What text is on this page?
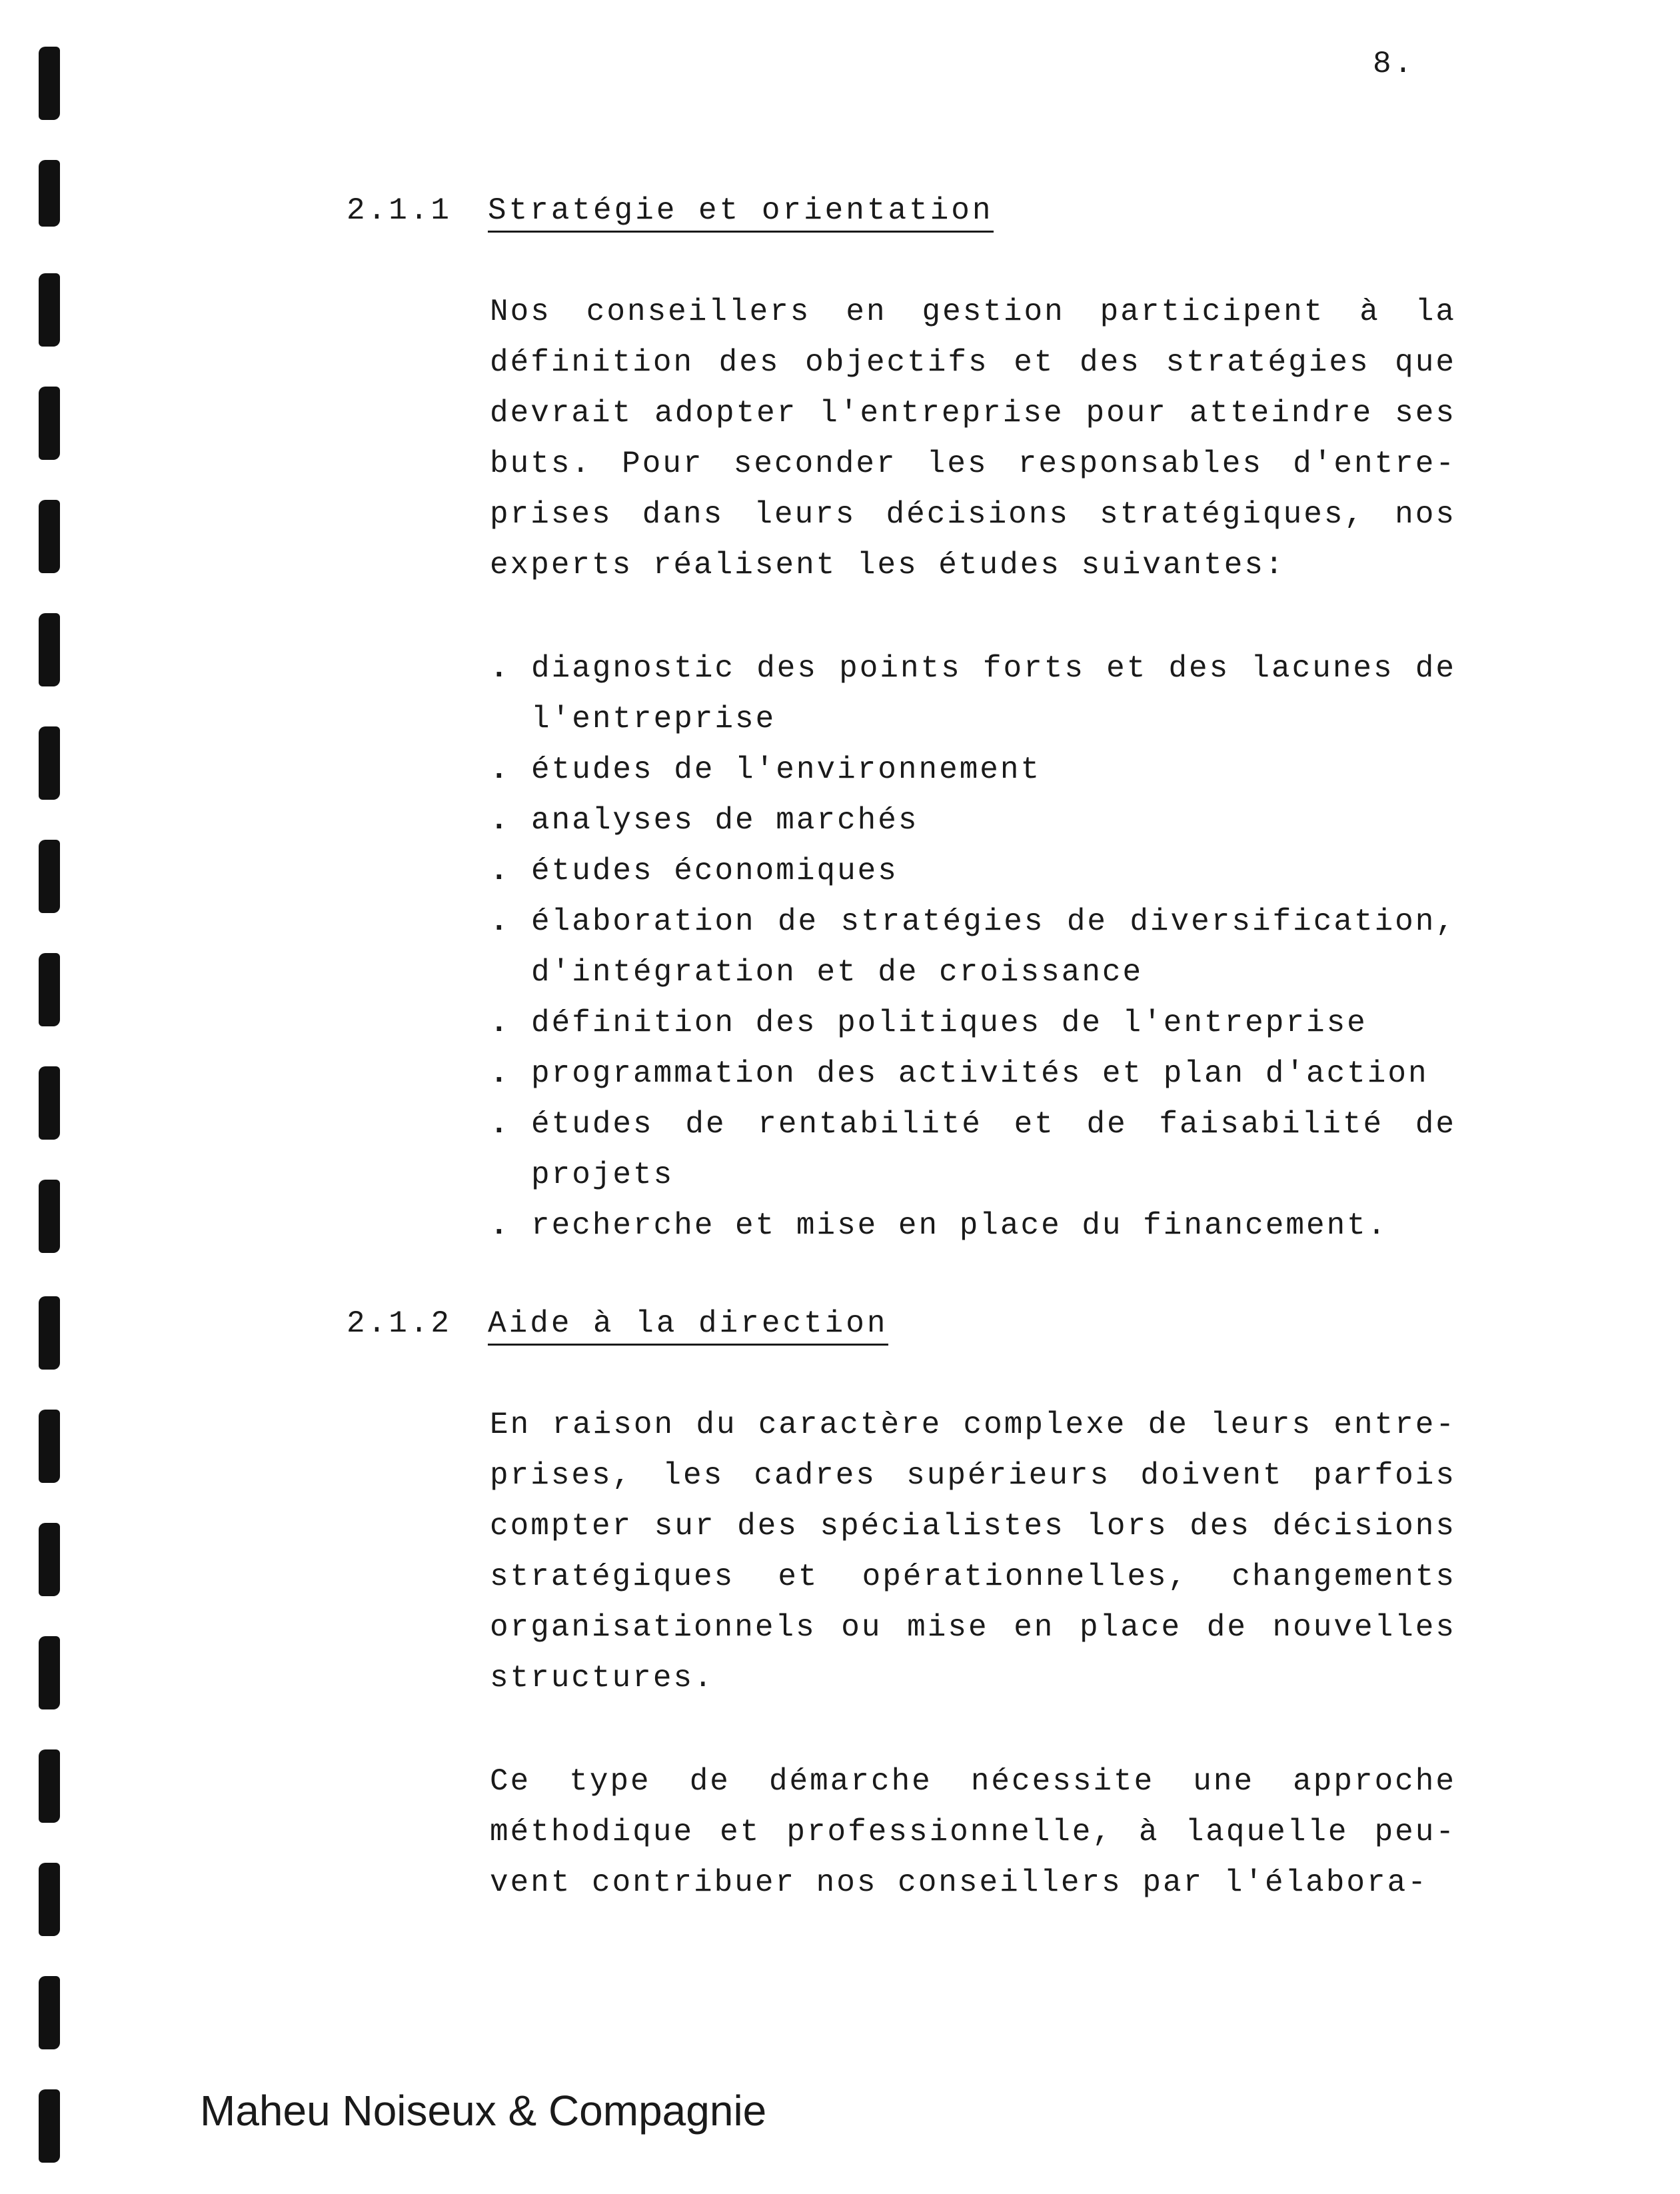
8.
2.1.1 Stratégie et orientation

Nos conseillers en gestion participent à la définition des objectifs et des stratégies que devrait adopter l'entreprise pour atteindre ses buts. Pour seconder les responsables d'entre-prises dans leurs décisions stratégiques, nos experts réalisent les études suivantes:

. diagnostic des points forts et des lacunes de l'entreprise
. études de l'environnement
. analyses de marchés
. études économiques
. élaboration de stratégies de diversification, d'intégration et de croissance
. définition des politiques de l'entreprise
. programmation des activités et plan d'action
. études de rentabilité et de faisabilité de projets
. recherche et mise en place du financement.
2.1.2 Aide à la direction

En raison du caractère complexe de leurs entre-prises, les cadres supérieurs doivent parfois compter sur des spécialistes lors des décisions stratégiques et opérationnelles, changements organisationnels ou mise en place de nouvelles structures.

Ce type de démarche nécessite une approche méthodique et professionnelle, à laquelle peu-vent contribuer nos conseillers par l'élabora-

Maheu Noiseux & Compagnie
